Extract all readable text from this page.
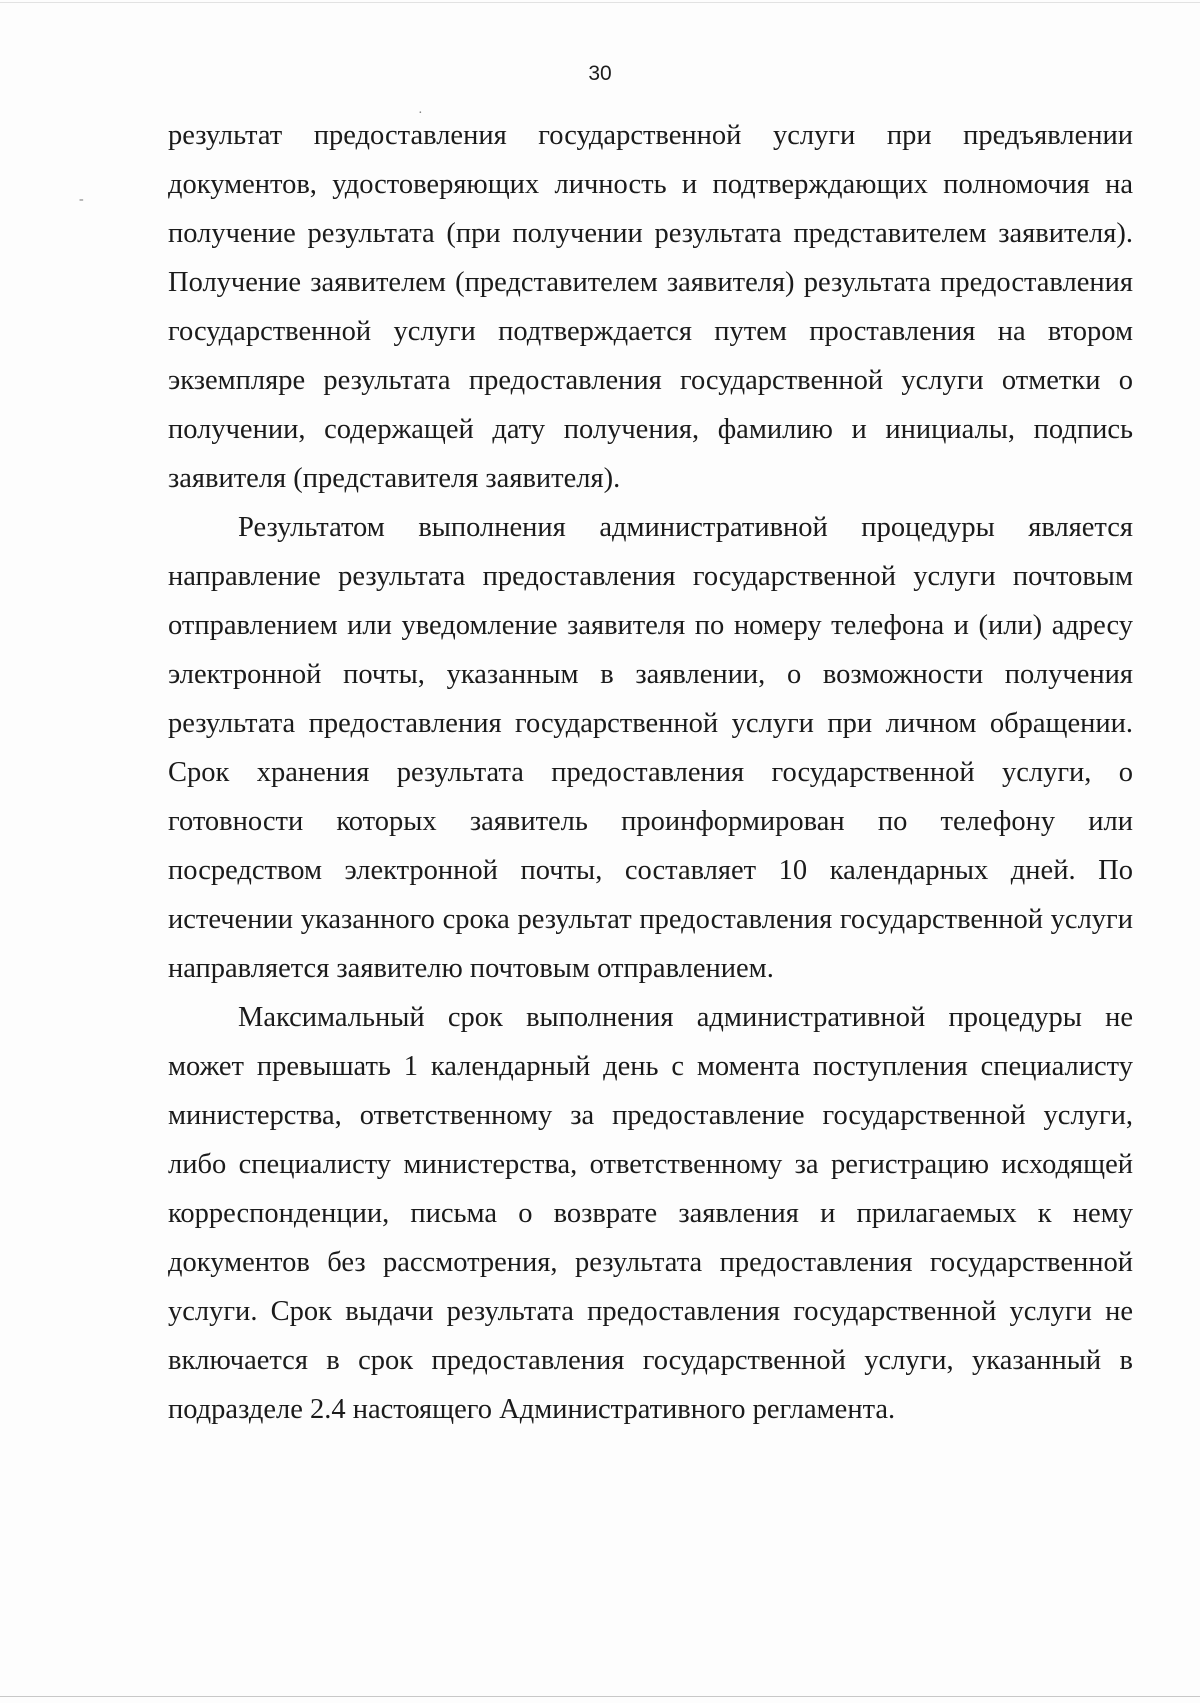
30
·
-

результат предоставления государственной услуги при предъявлении документов, удостоверяющих личность и подтверждающих полномочия на получение результата (при получении результата представителем заявителя). Получение заявителем (представителем заявителя) результата предоставления государственной услуги подтверждается путем проставления на втором экземпляре результата предоставления государственной услуги отметки о получении, содержащей дату получения, фамилию и инициалы, подпись заявителя (представителя заявителя).

Результатом выполнения административной процедуры является направление результата предоставления государственной услуги почтовым отправлением или уведомление заявителя по номеру телефона и (или) адресу электронной почты, указанным в заявлении, о возможности получения результата предоставления государственной услуги при личном обращении. Срок хранения результата предоставления государственной услуги, о готовности которых заявитель проинформирован по телефону или посредством электронной почты, составляет 10 календарных дней. По истечении указанного срока результат предоставления государственной услуги направляется заявителю почтовым отправлением.

Максимальный срок выполнения административной процедуры не может превышать 1 календарный день с момента поступления специалисту министерства, ответственному за предоставление государственной услуги, либо специалисту министерства, ответственному за регистрацию исходящей корреспонденции, письма о возврате заявления и прилагаемых к нему документов без рассмотрения, результата предоставления государственной услуги. Срок выдачи результата предоставления государственной услуги не включается в срок предоставления государственной услуги, указанный в подразделе 2.4 настоящего Административного регламента.
